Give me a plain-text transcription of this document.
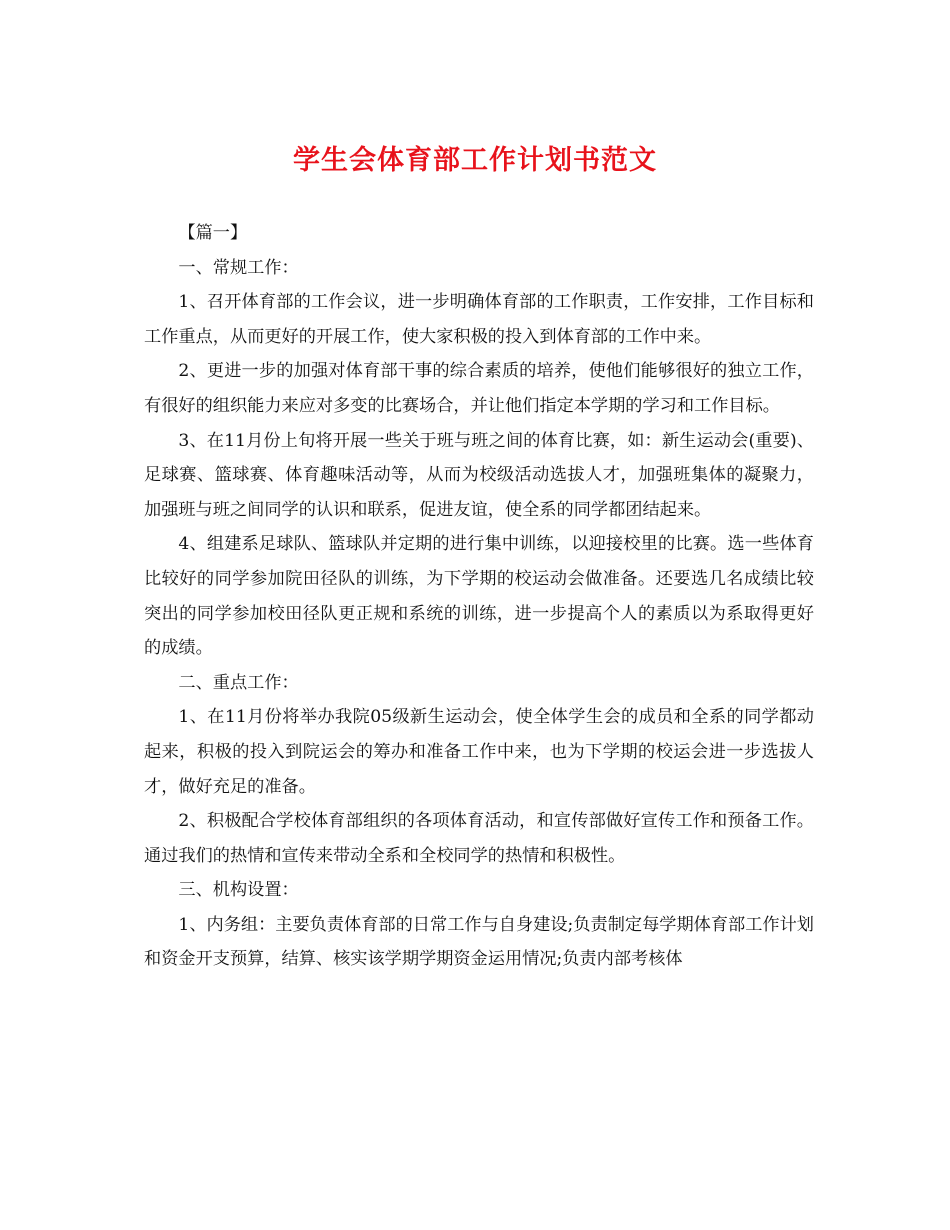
学生会体育部工作计划书范文

【篇一】

一、常规工作：

1、召开体育部的工作会议，进一步明确体育部的工作职责，工作安排，工作目标和工作重点，从而更好的开展工作，使大家积极的投入到体育部的工作中来。

2、更进一步的加强对体育部干事的综合素质的培养，使他们能够很好的独立工作，有很好的组织能力来应对多变的比赛场合，并让他们指定本学期的学习和工作目标。

3、在11月份上旬将开展一些关于班与班之间的体育比赛，如：新生运动会(重要)、足球赛、篮球赛、体育趣味活动等，从而为校级活动选拔人才，加强班集体的凝聚力，加强班与班之间同学的认识和联系，促进友谊，使全系的同学都团结起来。

4、组建系足球队、篮球队并定期的进行集中训练，以迎接校里的比赛。选一些体育比较好的同学参加院田径队的训练，为下学期的校运动会做准备。还要选几名成绩比较突出的同学参加校田径队更正规和系统的训练，进一步提高个人的素质以为系取得更好的成绩。

二、重点工作：

1、在11月份将举办我院05级新生运动会，使全体学生会的成员和全系的同学都动起来，积极的投入到院运会的筹办和准备工作中来，也为下学期的校运会进一步选拔人才，做好充足的准备。

2、积极配合学校体育部组织的各项体育活动，和宣传部做好宣传工作和预备工作。通过我们的热情和宣传来带动全系和全校同学的热情和积极性。

三、机构设置：

1、内务组：主要负责体育部的日常工作与自身建设;负责制定每学期体育部工作计划和资金开支预算，结算、核实该学期学期资金运用情况;负责内部考核体
